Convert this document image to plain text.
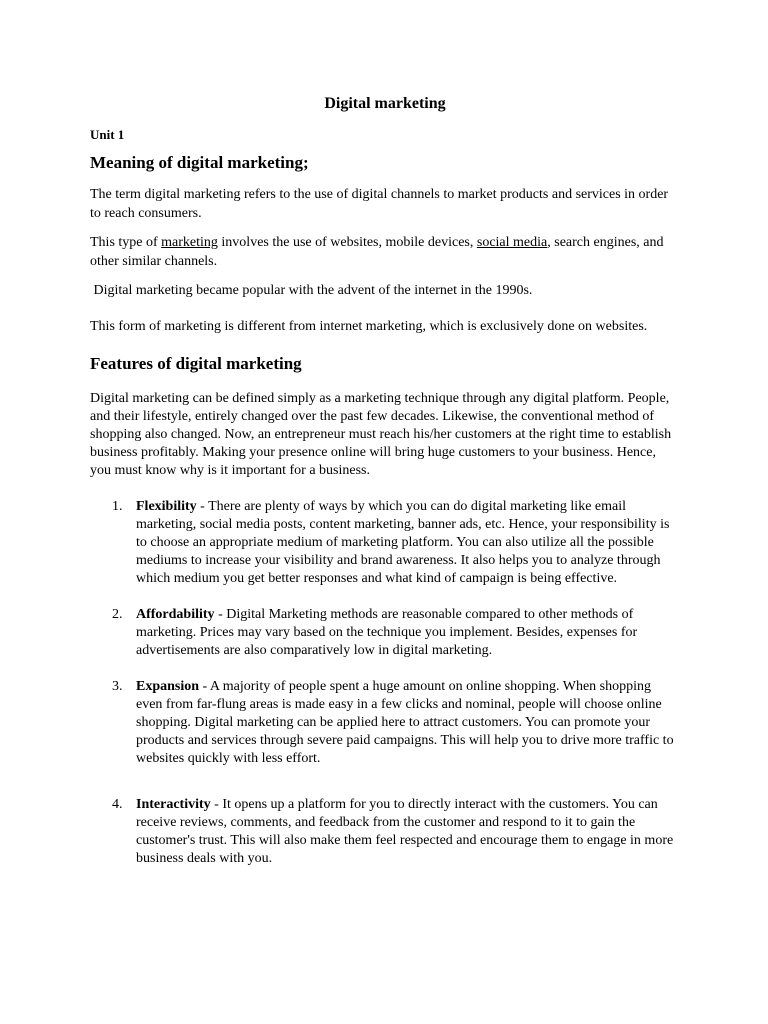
Digital marketing
Unit 1
Meaning of digital marketing;

The term digital marketing refers to the use of digital channels to market products and services in order to reach consumers.

This type of marketing involves the use of websites, mobile devices, social media, search engines, and other similar channels.

Digital marketing became popular with the advent of the internet in the 1990s.

This form of marketing is different from internet marketing, which is exclusively done on websites.

Features of digital marketing

Digital marketing can be defined simply as a marketing technique through any digital platform. People, and their lifestyle, entirely changed over the past few decades. Likewise, the conventional method of shopping also changed. Now, an entrepreneur must reach his/her customers at the right time to establish business profitably. Making your presence online will bring huge customers to your business. Hence, you must know why is it important for a business.

1. Flexibility - There are plenty of ways by which you can do digital marketing like email marketing, social media posts, content marketing, banner ads, etc. Hence, your responsibility is to choose an appropriate medium of marketing platform. You can also utilize all the possible mediums to increase your visibility and brand awareness. It also helps you to analyze through which medium you get better responses and what kind of campaign is being effective.
2. Affordability - Digital Marketing methods are reasonable compared to other methods of marketing. Prices may vary based on the technique you implement. Besides, expenses for advertisements are also comparatively low in digital marketing.
3. Expansion - A majority of people spent a huge amount on online shopping. When shopping even from far-flung areas is made easy in a few clicks and nominal, people will choose online shopping. Digital marketing can be applied here to attract customers. You can promote your products and services through severe paid campaigns. This will help you to drive more traffic to websites quickly with less effort.
4. Interactivity - It opens up a platform for you to directly interact with the customers. You can receive reviews, comments, and feedback from the customer and respond to it to gain the customer's trust. This will also make them feel respected and encourage them to engage in more business deals with you.
